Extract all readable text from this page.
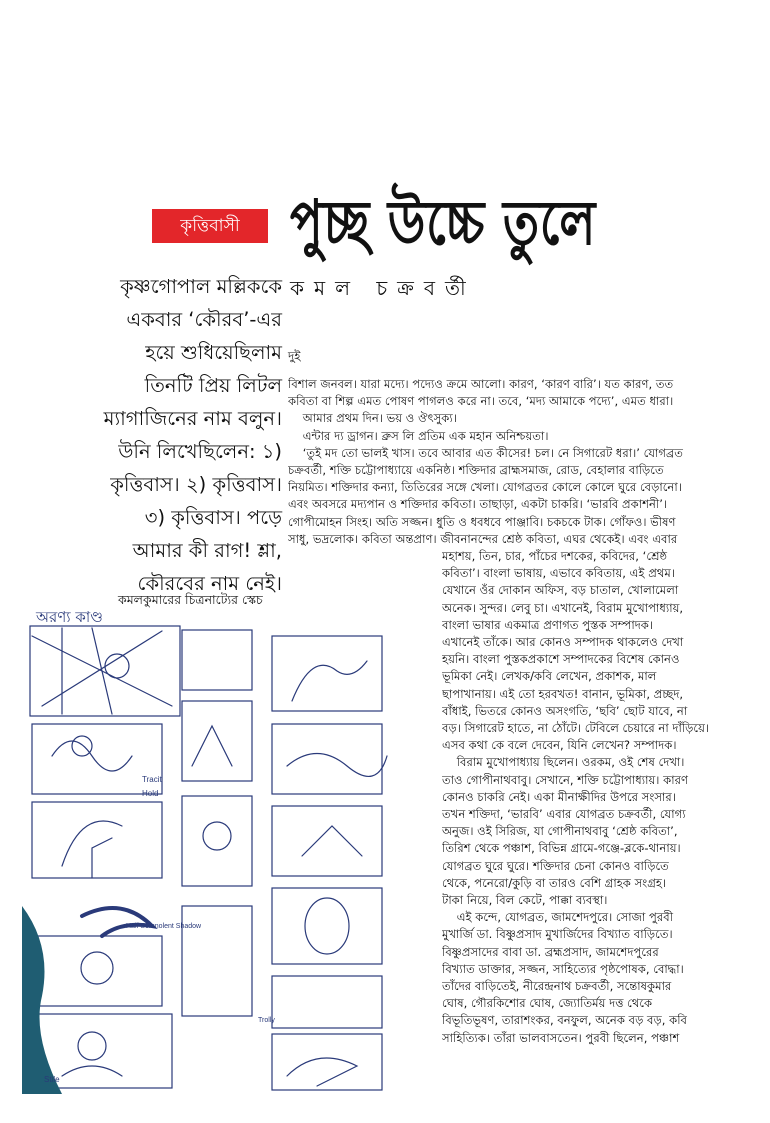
কৃত্তিবাসী পুচ্ছ উচ্চে তুলে
কমল চক্রবর্তী
কৃষ্ণগোপাল মল্লিককে
একবার ‘কৌরব’-এর
হয়ে শুধিয়েছিলাম
তিনটি প্রিয় লিটল
ম্যাগাজিনের নাম বলুন।
উনি লিখেছিলেন: ১)
কৃত্তিবাস। ২) কৃত্তিবাস।
৩) কৃত্তিবাস। পড়ে
আমার কী রাগ! শ্লা,
কৌরবের নাম নেই।
দুই
বিশাল জনবল। যারা মদ্যে। পদ্যেও ক্রমে আলো। কারণ, ‘কারণ বারি’। যত কারণ, তত
কবিতা বা শিল্প এমত পোষণ পাগলও করে না। তবে, ‘মদ্য আমাকে পদ্যে’, এমত ধারা।
আমার প্রথম দিন। ভয় ও ঔৎসুক্য।
এন্টার দ্য ড্রাগন। ব্রুস লি প্রতিম এক মহান অনিশ্চয়তা।
‘তুই মদ তো ভালই খাস। তবে আবার এত কীসের! চল। নে সিগারেট ধরা।’ যোগব্রত
চক্রবর্তী, শক্তি চট্টোপাধ্যায়ে একনিষ্ঠ। শক্তিদার ব্রাহ্মসমাজ, রোড, বেহালার বাড়িতে
নিয়মিত। শক্তিদার কন্যা, তিতিরের সঙ্গে খেলা। যোগব্রতর কোলে কোলে ঘুরে বেড়ানো।
এবং অবসরে মদ্যপান ও শক্তিদার কবিতা। তাছাড়া, একটা চাকরি। ‘ভারবি প্রকাশনী’।
গোপীমোহন সিংহ। অতি সজ্জন। ধুতি ও ধবধবে পাঞ্জাবি। চকচকে টাক। গোঁফও। ভীষণ
সাধু, ভদ্রলোক। কবিতা অন্তপ্রাণ। জীবনানন্দের শ্রেষ্ঠ কবিতা, এঘর থেকেই। এবং এবার
মহাশয়, তিন, চার, পাঁচের দশকের, কবিদের, ‘শ্রেষ্ঠ
কবিতা’। বাংলা ভাষায়, এভাবে কবিতায়, এই প্রথম।
যেখানে ওঁর দোকান অফিস, বড় চাতাল, খোলামেলা
অনেক। সুন্দর। লেবু চা। এখানেই, বিরাম মুখোপাধ্যায়,
বাংলা ভাষার একমাত্র প্রণাগত পুস্তক সম্পাদক।
এখানেই তাঁকে। আর কোনও সম্পাদক থাকলেও দেখা
হয়নি। বাংলা পুস্তকপ্রকাশে সম্পাদকের বিশেষ কোনও
ভূমিকা নেই। লেখক/কবি লেখেন, প্রকাশক, মাল
ছাপাখানায়। এই তো হরবখত! বানান, ভূমিকা, প্রচ্ছদ,
বাঁধাই, ভিতরে কোনও অসংগতি, ‘ছবি’ ছোট যাবে, না
বড়। সিগারেট হাতে, না ঠোঁটে। টেবিলে চেয়ারে না দাঁড়িয়ে।
এসব কথা কে বলে দেবেন, যিনি লেখেন? সম্পাদক।
বিরাম মুখোপাধ্যায় ছিলেন। ওরকম, ওই শেষ দেখা।
তাও গোপীনাথবাবু। সেখানে, শক্তি চট্টোপাধ্যায়। কারণ
কোনও চাকরি নেই। একা মীনাক্ষীদির উপরে সংসার।
তখন শক্তিদা, ‘ভারবি’ এবার যোগব্রত চক্রবর্তী, যোগ্য
অনুজ। ওই সিরিজ, যা গোপীনাথবাবু ‘শ্রেষ্ঠ কবিতা’,
তিরিশ থেকে পঞ্চাশ, বিভিন্ন গ্রামে-গঞ্জে-ব্লকে-থানায়।
যোগব্রত ঘুরে ঘুরে। শক্তিদার চেনা কোনও বাড়িতে
থেকে, পনেরো/কুড়ি বা তারও বেশি গ্রাহক সংগ্রহ।
টাকা নিয়ে, বিল কেটে, পাক্কা ব্যবস্থা।
এই কন্দে, যোগব্রত, জামশেদপুরে। সোজা পুরবী
মুখার্জি ডা. বিষ্ণুপ্রসাদ মুখার্জিদের বিখ্যাত বাড়িতে।
বিষ্ণুপ্রসাদের বাবা ডা. ব্রহ্মপ্রসাদ, জামশেদপুরের
বিখ্যাত ডাক্তার, সজ্জন, সাহিত্যের পৃষ্ঠপোষক, বোদ্ধা।
তাঁদের বাড়িতেই, নীরেন্দ্রনাথ চক্রবর্তী, সন্তোষকুমার
ঘোষ, গৌরকিশোর ঘোষ, জ্যোতির্ময় দত্ত থেকে
বিভূতিভূষণ, তারাশংকর, বনফুল, অনেক বড় বড়, কবি
সাহিত্যিক। তাঁরা ভালবাসতেন। পুরবী ছিলেন, পঞ্চাশ
কমলকুমারের চিত্রনাট্যের স্কেচ
অরণ্য কাণ্ড
Tracit
Hold
Half Somnolent Shadow
Trolly
Stile
